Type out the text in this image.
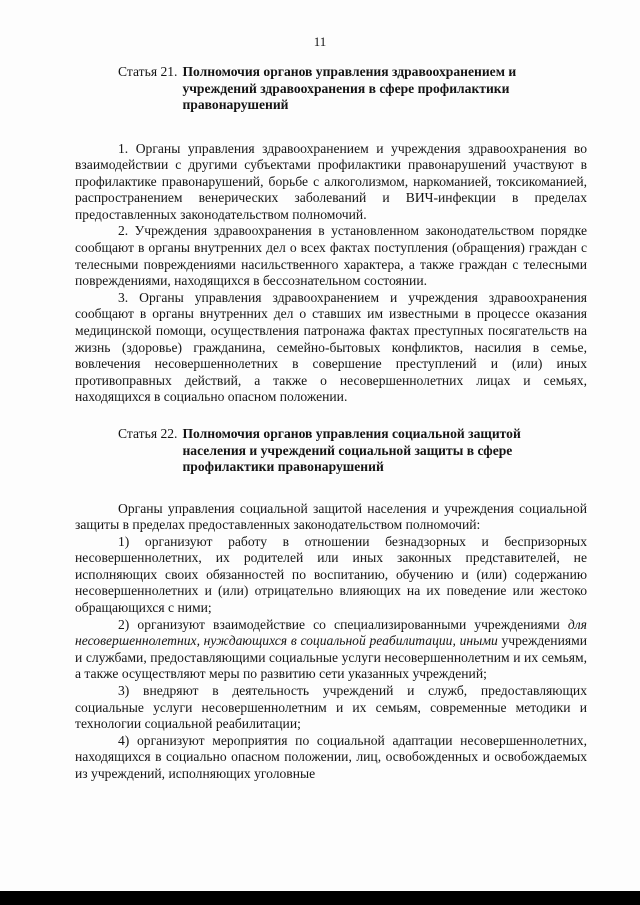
11
Статья 21. Полномочия органов управления здравоохранением и учреждений здравоохранения в сфере профилактики правонарушений

1. Органы управления здравоохранением и учреждения здравоохранения во взаимодействии с другими субъектами профилактики правонарушений участвуют в профилактике правонарушений, борьбе с алкоголизмом, наркоманией, токсикоманией, распространением венерических заболеваний и ВИЧ-инфекции в пределах предоставленных законодательством полномочий.

2. Учреждения здравоохранения в установленном законодательством порядке сообщают в органы внутренних дел о всех фактах поступления (обращения) граждан с телесными повреждениями насильственного характера, а также граждан с телесными повреждениями, находящихся в бессознательном состоянии.

3. Органы управления здравоохранением и учреждения здравоохранения сообщают в органы внутренних дел о ставших им известными в процессе оказания медицинской помощи, осуществления патронажа фактах преступных посягательств на жизнь (здоровье) гражданина, семейно-бытовых конфликтов, насилия в семье, вовлечения несовершеннолетних в совершение преступлений и (или) иных противоправных действий, а также о несовершеннолетних лицах и семьях, находящихся в социально опасном положении.

Статья 22. Полномочия органов управления социальной защитой населения и учреждений социальной защиты в сфере профилактики правонарушений

Органы управления социальной защитой населения и учреждения социальной защиты в пределах предоставленных законодательством полномочий:

1) организуют работу в отношении безнадзорных и беспризорных несовершеннолетних, их родителей или иных законных представителей, не исполняющих своих обязанностей по воспитанию, обучению и (или) содержанию несовершеннолетних и (или) отрицательно влияющих на их поведение или жестоко обращающихся с ними;

2) организуют взаимодействие со специализированными учреждениями для несовершеннолетних, нуждающихся в социальной реабилитации, иными учреждениями и службами, предоставляющими социальные услуги несовершеннолетним и их семьям, а также осуществляют меры по развитию сети указанных учреждений;

3) внедряют в деятельность учреждений и служб, предоставляющих социальные услуги несовершеннолетним и их семьям, современные методики и технологии социальной реабилитации;

4) организуют мероприятия по социальной адаптации несовершеннолетних, находящихся в социально опасном положении, лиц, освобожденных и освобождаемых из учреждений, исполняющих уголовные
